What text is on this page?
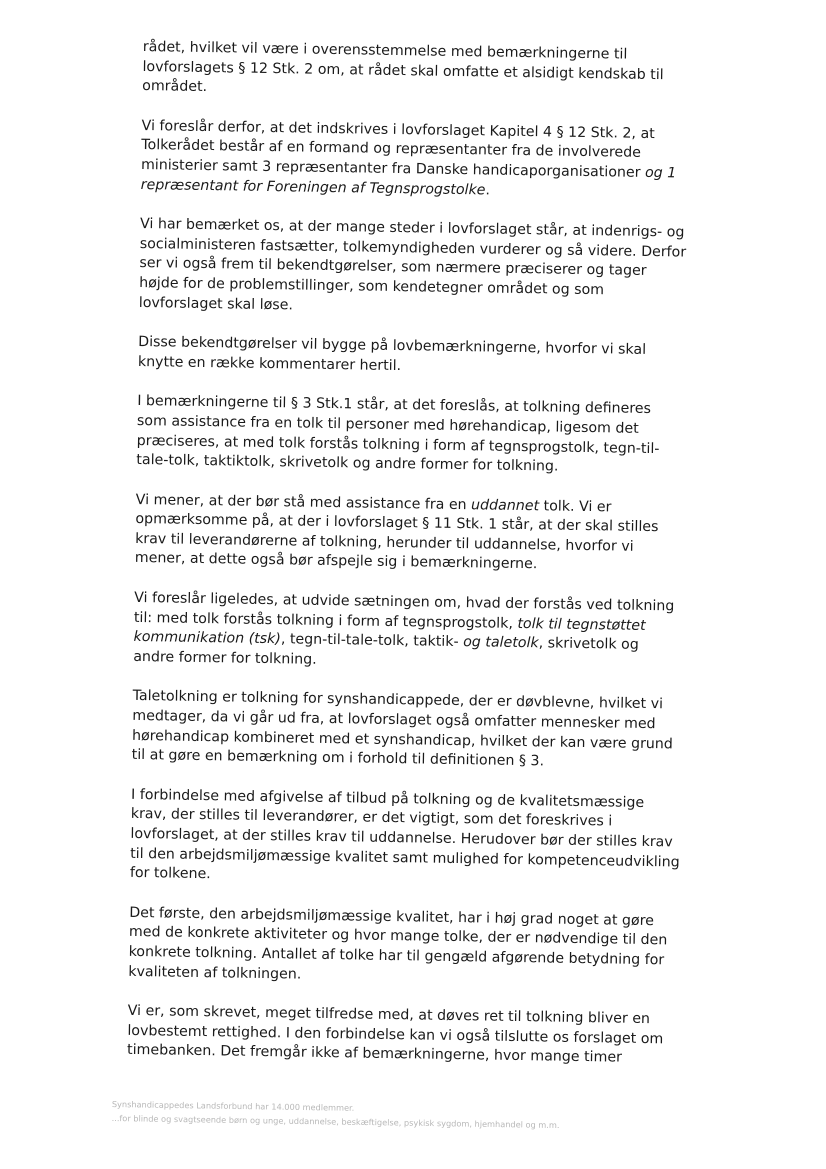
rådet, hvilket vil være i overensstemmelse med bemærkningerne til
lovforslagets § 12 Stk. 2 om, at rådet skal omfatte et alsidigt kendskab til
området.
Vi foreslår derfor, at det indskrives i lovforslaget Kapitel 4 § 12 Stk. 2, at
Tolkerådet består af en formand og repræsentanter fra de involverede
ministerier samt 3 repræsentanter fra Danske handicaporganisationer og 1
repræsentant for Foreningen af Tegnsprogstolke.
Vi har bemærket os, at der mange steder i lovforslaget står, at indenrigs- og
socialministeren fastsætter, tolkemyndigheden vurderer og så videre. Derfor
ser vi også frem til bekendtgørelser, som nærmere præciserer og tager
højde for de problemstillinger, som kendetegner området og som
lovforslaget skal løse.
Disse bekendtgørelser vil bygge på lovbemærkningerne, hvorfor vi skal
knytte en række kommentarer hertil.
I bemærkningerne til § 3 Stk.1 står, at det foreslås, at tolkning defineres
som assistance fra en tolk til personer med hørehandicap, ligesom det
præciseres, at med tolk forstås tolkning i form af tegnsprogstolk, tegn-til-
tale-tolk, taktiktolk, skrivetolk og andre former for tolkning.
Vi mener, at der bør stå med assistance fra en uddannet tolk. Vi er
opmærksomme på, at der i lovforslaget § 11 Stk. 1 står, at der skal stilles
krav til leverandørerne af tolkning, herunder til uddannelse, hvorfor vi
mener, at dette også bør afspejle sig i bemærkningerne.
Vi foreslår ligeledes, at udvide sætningen om, hvad der forstås ved tolkning
til: med tolk forstås tolkning i form af tegnsprogstolk, tolk til tegnstøttet
kommunikation (tsk), tegn-til-tale-tolk, taktik- og taletolk, skrivetolk og
andre former for tolkning.
Taletolkning er tolkning for synshandicappede, der er døvblevne, hvilket vi
medtager, da vi går ud fra, at lovforslaget også omfatter mennesker med
hørehandicap kombineret med et synshandicap, hvilket der kan være grund
til at gøre en bemærkning om i forhold til definitionen § 3.
I forbindelse med afgivelse af tilbud på tolkning og de kvalitetsmæssige
krav, der stilles til leverandører, er det vigtigt, som det foreskrives i
lovforslaget, at der stilles krav til uddannelse. Herudover bør der stilles krav
til den arbejdsmiljømæssige kvalitet samt mulighed for kompetenceudvikling
for tolkene.
Det første, den arbejdsmiljømæssige kvalitet, har i høj grad noget at gøre
med de konkrete aktiviteter og hvor mange tolke, der er nødvendige til den
konkrete tolkning. Antallet af tolke har til gengæld afgørende betydning for
kvaliteten af tolkningen.
Vi er, som skrevet, meget tilfredse med, at døves ret til tolkning bliver en
lovbestemt rettighed. I den forbindelse kan vi også tilslutte os forslaget om
timebanken. Det fremgår ikke af bemærkningerne, hvor mange timer
Synshandicappedes Landsforbund har 14.000 medlemmer.
...for blinde og svagtseende børn og unge, uddannelse, beskæftigelse, psykisk sygdom, hjemhandel og m.m.
